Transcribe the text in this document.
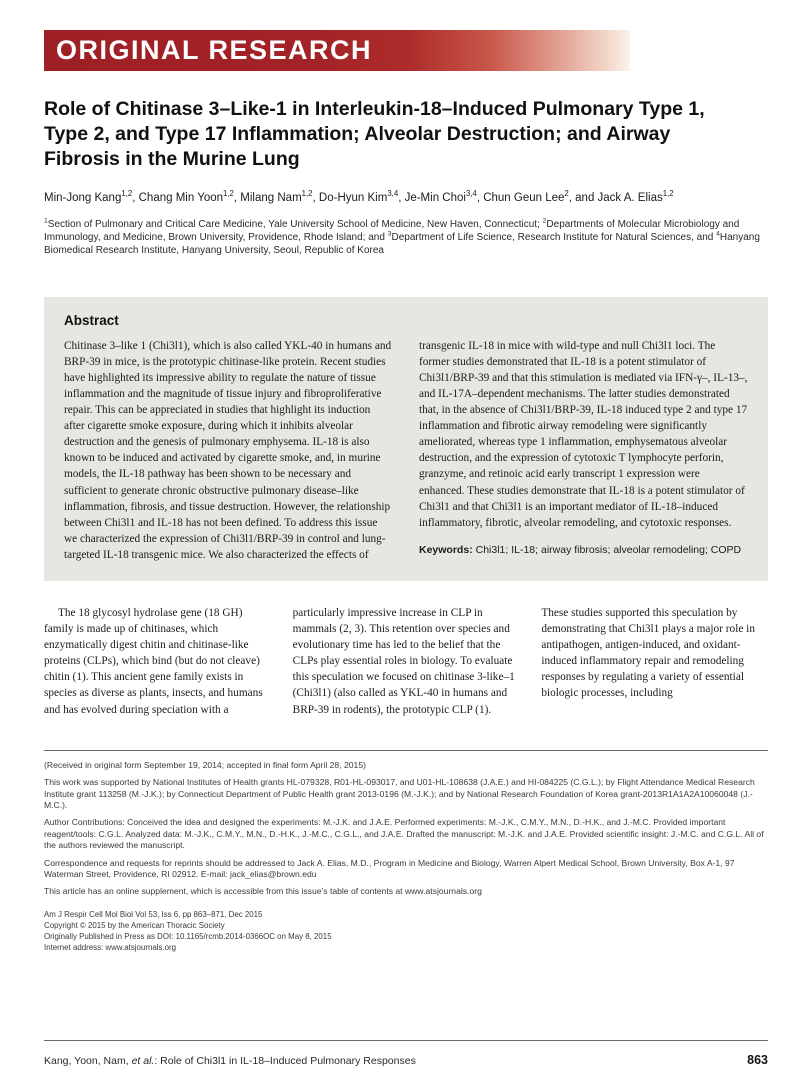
ORIGINAL RESEARCH
Role of Chitinase 3–Like-1 in Interleukin-18–Induced Pulmonary Type 1, Type 2, and Type 17 Inflammation; Alveolar Destruction; and Airway Fibrosis in the Murine Lung

Min-Jong Kang$^{1,2}$, Chang Min Yoon$^{1,2}$, Milang Nam$^{1,2}$, Do-Hyun Kim$^{3,4}$, Je-Min Choi$^{3,4}$, Chun Geun Lee$^2$, and Jack A. Elias$^{1,2}$

$^1$Section of Pulmonary and Critical Care Medicine, Yale University School of Medicine, New Haven, Connecticut; $^2$Departments of Molecular Microbiology and Immunology, and Medicine, Brown University, Providence, Rhode Island; and $^3$Department of Life Science, Research Institute for Natural Sciences, and $^4$Hanyang Biomedical Research Institute, Hanyang University, Seoul, Republic of Korea

Abstract

Chitinase 3–like 1 (Chi3l1), which is also called YKL-40 in humans and BRP-39 in mice, is the prototypic chitinase-like protein. Recent studies have highlighted its impressive ability to regulate the nature of tissue inflammation and the magnitude of tissue injury and fibroproliferative repair. This can be appreciated in studies that highlight its induction after cigarette smoke exposure, during which it inhibits alveolar destruction and the genesis of pulmonary emphysema. IL-18 is also known to be induced and activated by cigarette smoke, and, in murine models, the IL-18 pathway has been shown to be necessary and sufficient to generate chronic obstructive pulmonary disease–like inflammation, fibrosis, and tissue destruction. However, the relationship between Chi3l1 and IL-18 has not been defined. To address this issue we characterized the expression of Chi3l1/BRP-39 in control and lung-targeted IL-18 transgenic mice. We also characterized the effects of transgenic IL-18 in mice with wild-type and null Chi3l1 loci. The former studies demonstrated that IL-18 is a potent stimulator of Chi3l1/BRP-39 and that this stimulation is mediated via IFN-γ–, IL-13–, and IL-17A–dependent mechanisms. The latter studies demonstrated that, in the absence of Chi3l1/BRP-39, IL-18 induced type 2 and type 17 inflammation and fibrotic airway remodeling were significantly ameliorated, whereas type 1 inflammation, emphysematous alveolar destruction, and the expression of cytotoxic T lymphocyte perforin, granzyme, and retinoic acid early transcript 1 expression were enhanced. These studies demonstrate that IL-18 is a potent stimulator of Chi3l1 and that Chi3l1 is an important mediator of IL-18–induced inflammatory, fibrotic, alveolar remodeling, and cytotoxic responses.

Keywords: Chi3l1; IL-18; airway fibrosis; alveolar remodeling; COPD

The 18 glycosyl hydrolase gene (18 GH) family is made up of chitinases, which enzymatically digest chitin and chitinase-like proteins (CLPs), which bind (but do not cleave) chitin (1). This ancient gene family exists in species as diverse as plants, insects, and humans and has evolved during speciation with a particularly impressive increase in CLP in mammals (2, 3). This retention over species and evolutionary time has led to the belief that the CLPs play essential roles in biology. To evaluate this speculation we focused on chitinase 3-like–1 (Chi3l1) (also called as YKL-40 in humans and BRP-39 in rodents), the prototypic CLP (1). These studies supported this speculation by demonstrating that Chi3l1 plays a major role in antipathogen, antigen-induced, and oxidant-induced inflammatory repair and remodeling responses by regulating a variety of essential biologic processes, including

(Received in original form September 19, 2014; accepted in final form April 28, 2015)

This work was supported by National Institutes of Health grants HL-079328, R01-HL-093017, and U01-HL-108638 (J.A.E.) and HI-084225 (C.G.L.); by Flight Attendance Medical Research Institute grant 113258 (M.-J.K.); by Connecticut Department of Public Health grant 2013-0196 (M.-J.K.); and by National Research Foundation of Korea grant-2013R1A1A2A10060048 (J.-M.C.).

Author Contributions: Conceived the idea and designed the experiments: M.-J.K. and J.A.E. Performed experiments: M.-J.K., C.M.Y., M.N., D.-H.K., and J.-M.C. Provided important reagent/tools: C.G.L. Analyzed data: M.-J.K., C.M.Y., M.N., D.-H.K., J.-M.C., C.G.L., and J.A.E. Drafted the manuscript: M.-J.K. and J.A.E. Provided scientific insight: J.-M.C. and C.G.L. All of the authors reviewed the manuscript.

Correspondence and requests for reprints should be addressed to Jack A. Elias, M.D., Program in Medicine and Biology, Warren Alpert Medical School, Brown University, Box A-1, 97 Waterman Street, Providence, RI 02912. E-mail: jack_elias@brown.edu

This article has an online supplement, which is accessible from this issue’s table of contents at www.atsjournals.org

Am J Respir Cell Mol Biol Vol 53, Iss 6, pp 863–871, Dec 2015

Copyright © 2015 by the American Thoracic Society

Originally Published in Press as DOI: 10.1165/rcmb.2014-0366OC on May 8, 2015

Internet address: www.atsjournals.org

Kang, Yoon, Nam, et al.: Role of Chi3l1 in IL-18–Induced Pulmonary Responses	863
